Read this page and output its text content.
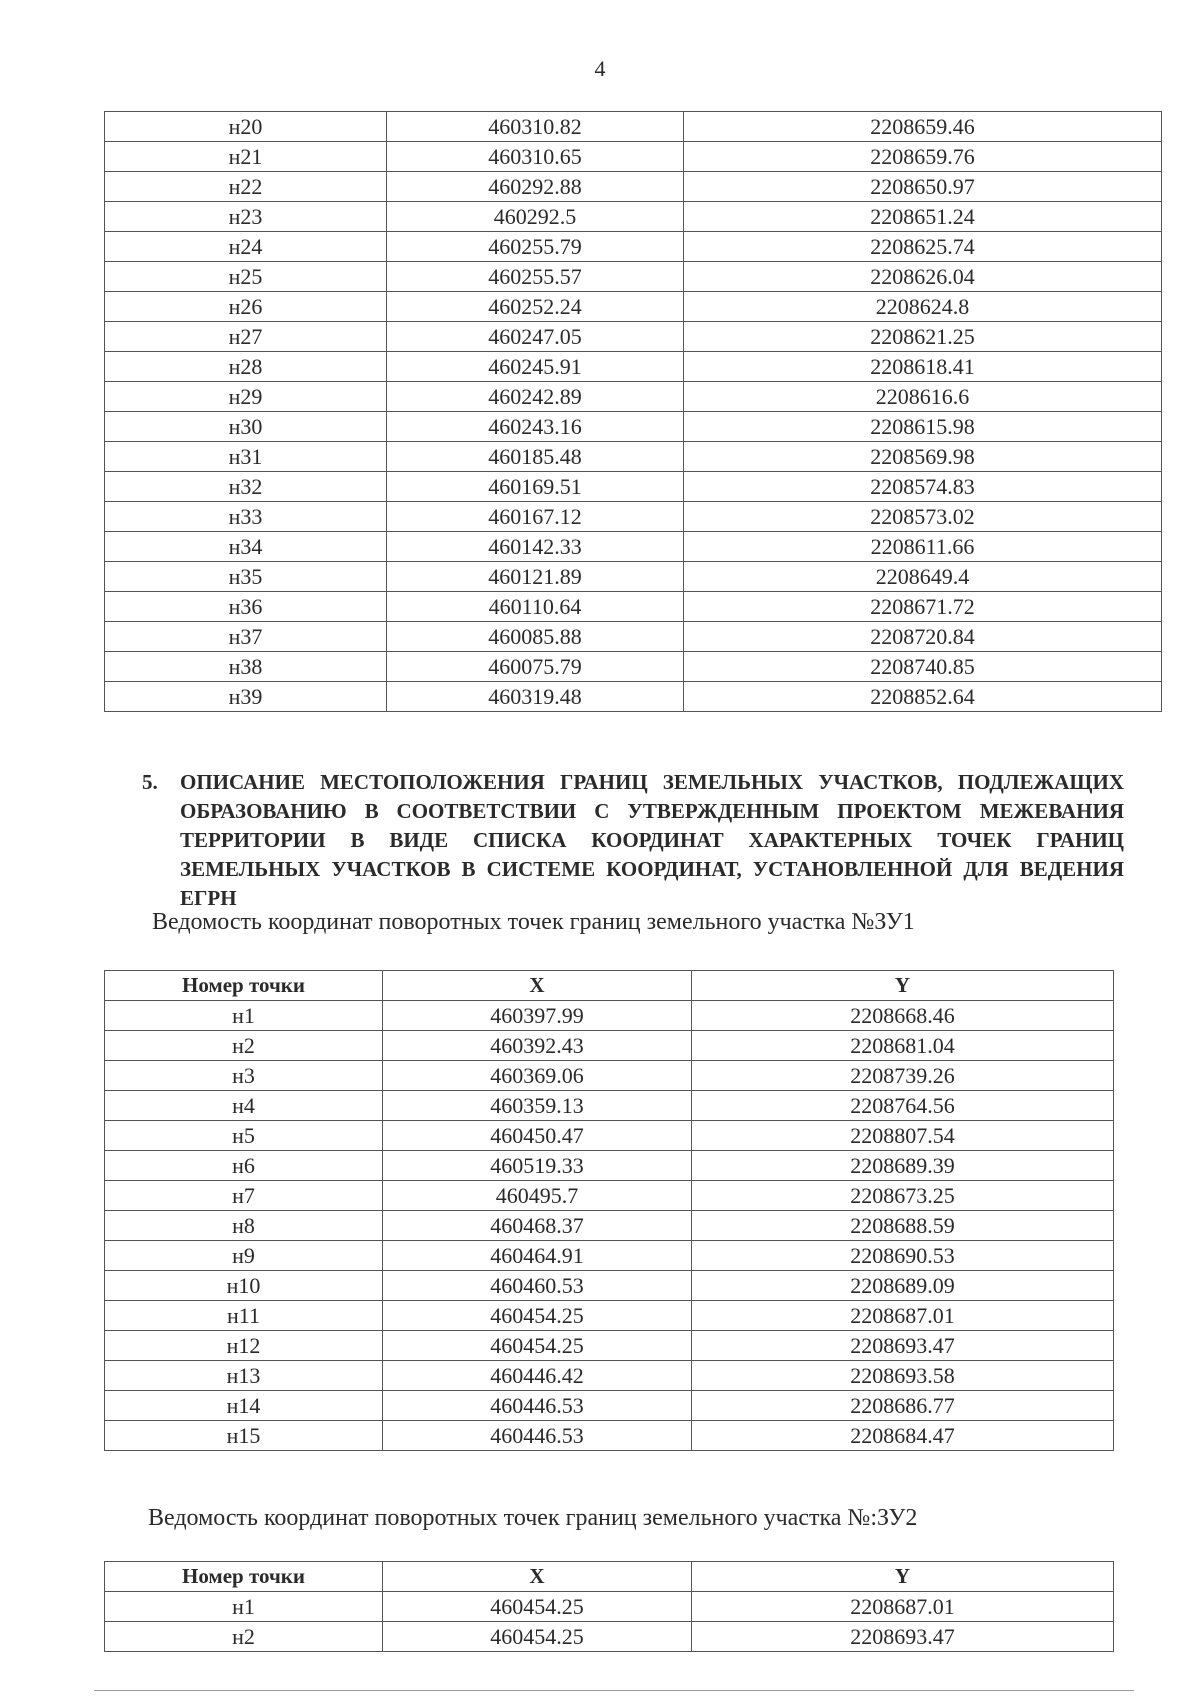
4
н20	460310.82	2208659.46
н21	460310.65	2208659.76
н22	460292.88	2208650.97
н23	460292.5	2208651.24
н24	460255.79	2208625.74
н25	460255.57	2208626.04
н26	460252.24	2208624.8
н27	460247.05	2208621.25
н28	460245.91	2208618.41
н29	460242.89	2208616.6
н30	460243.16	2208615.98
н31	460185.48	2208569.98
н32	460169.51	2208574.83
н33	460167.12	2208573.02
н34	460142.33	2208611.66
н35	460121.89	2208649.4
н36	460110.64	2208671.72
н37	460085.88	2208720.84
н38	460075.79	2208740.85
н39	460319.48	2208852.64
5. ОПИСАНИЕ МЕСТОПОЛОЖЕНИЯ ГРАНИЦ ЗЕМЕЛЬНЫХ УЧАСТКОВ, ПОДЛЕЖАЩИХ ОБРАЗОВАНИЮ В СООТВЕТСТВИИ С УТВЕРЖДЕННЫМ ПРОЕКТОМ МЕЖЕВАНИЯ ТЕРРИТОРИИ В ВИДЕ СПИСКА КООРДИНАТ ХАРАКТЕРНЫХ ТОЧЕК ГРАНИЦ ЗЕМЕЛЬНЫХ УЧАСТКОВ В СИСТЕМЕ КООРДИНАТ, УСТАНОВЛЕННОЙ ДЛЯ ВЕДЕНИЯ ЕГРН
Ведомость координат поворотных точек границ земельного участка №ЗУ1
Номер точки	X	Y
н1	460397.99	2208668.46
н2	460392.43	2208681.04
н3	460369.06	2208739.26
н4	460359.13	2208764.56
н5	460450.47	2208807.54
н6	460519.33	2208689.39
н7	460495.7	2208673.25
н8	460468.37	2208688.59
н9	460464.91	2208690.53
н10	460460.53	2208689.09
н11	460454.25	2208687.01
н12	460454.25	2208693.47
н13	460446.42	2208693.58
н14	460446.53	2208686.77
н15	460446.53	2208684.47
Ведомость координат поворотных точек границ земельного участка №:ЗУ2
Номер точки	X	Y
н1	460454.25	2208687.01
н2	460454.25	2208693.47
